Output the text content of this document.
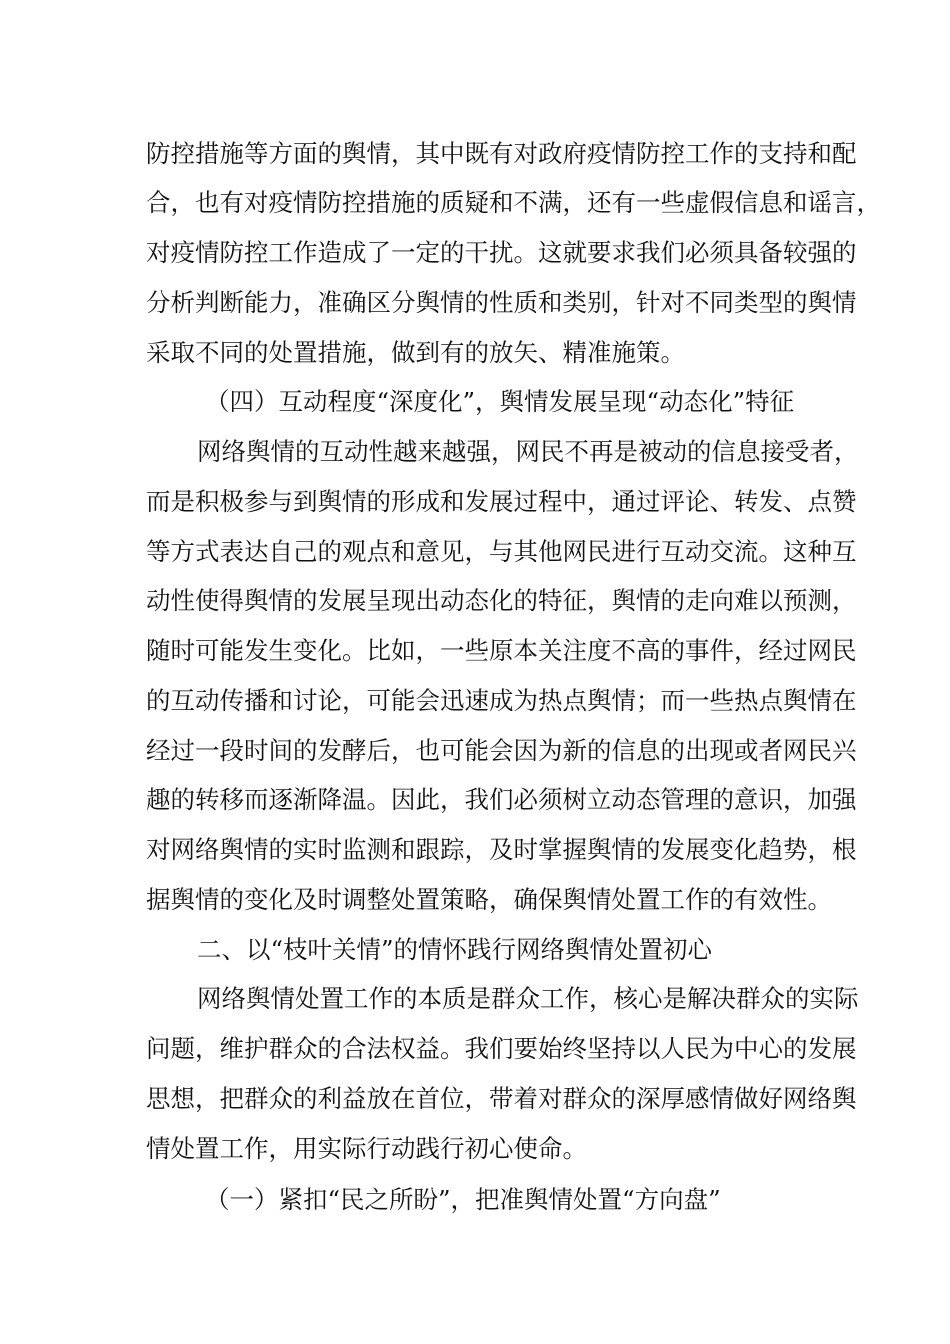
防控措施等方面的舆情，其中既有对政府疫情防控工作的支持和配

合，也有对疫情防控措施的质疑和不满，还有一些虚假信息和谣言，

对疫情防控工作造成了一定的干扰。这就要求我们必须具备较强的

分析判断能力，准确区分舆情的性质和类别，针对不同类型的舆情

采取不同的处置措施，做到有的放矢、精准施策。

（四）互动程度“深度化”，舆情发展呈现“动态化”特征

网络舆情的互动性越来越强，网民不再是被动的信息接受者，

而是积极参与到舆情的形成和发展过程中，通过评论、转发、点赞

等方式表达自己的观点和意见，与其他网民进行互动交流。这种互

动性使得舆情的发展呈现出动态化的特征，舆情的走向难以预测，

随时可能发生变化。比如，一些原本关注度不高的事件，经过网民

的互动传播和讨论，可能会迅速成为热点舆情；而一些热点舆情在

经过一段时间的发酵后，也可能会因为新的信息的出现或者网民兴

趣的转移而逐渐降温。因此，我们必须树立动态管理的意识，加强

对网络舆情的实时监测和跟踪，及时掌握舆情的发展变化趋势，根

据舆情的变化及时调整处置策略，确保舆情处置工作的有效性。

二、以“枝叶关情”的情怀践行网络舆情处置初心

网络舆情处置工作的本质是群众工作，核心是解决群众的实际

问题，维护群众的合法权益。我们要始终坚持以人民为中心的发展

思想，把群众的利益放在首位，带着对群众的深厚感情做好网络舆

情处置工作，用实际行动践行初心使命。

（一）紧扣“民之所盼”，把准舆情处置“方向盘”
